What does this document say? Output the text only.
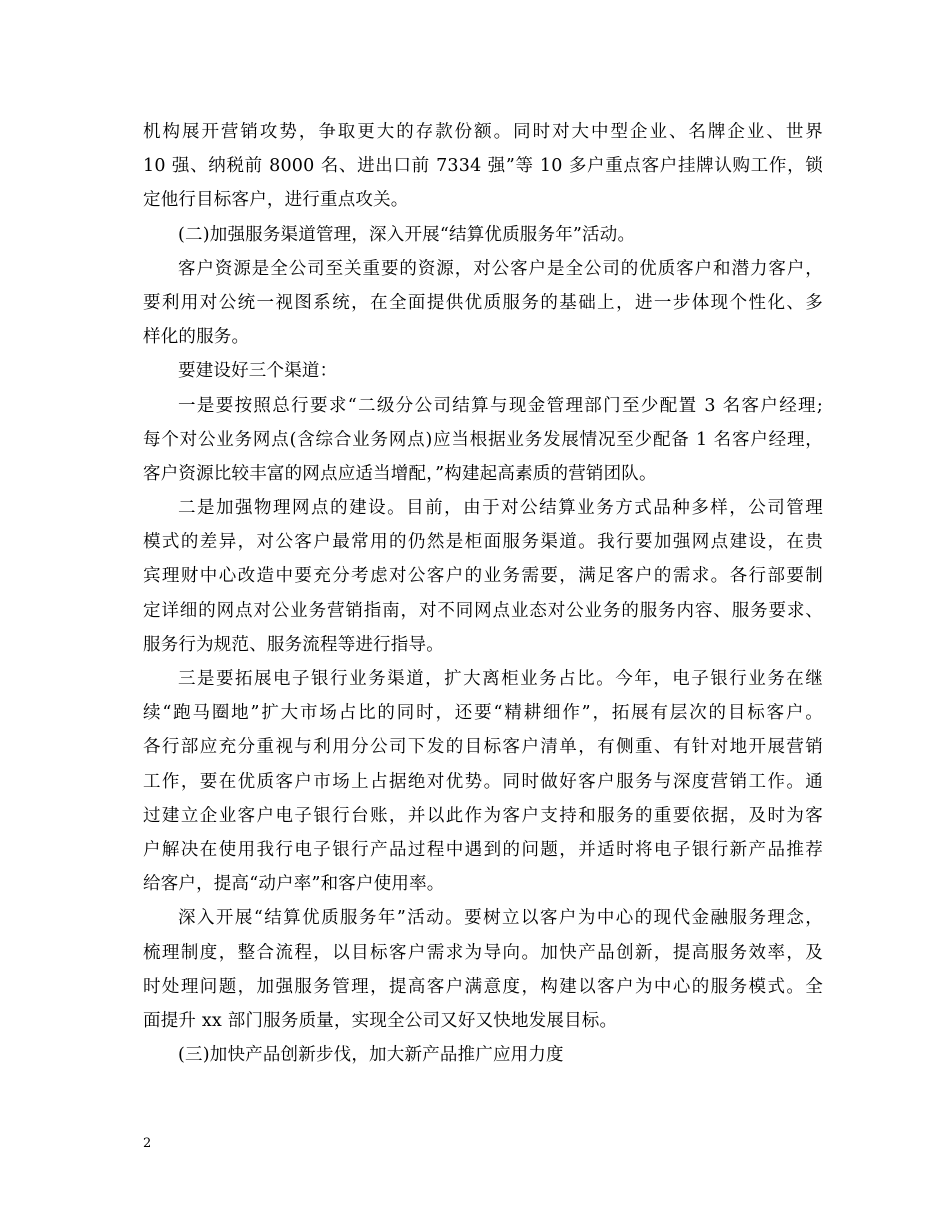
机构展开营销攻势，争取更大的存款份额。同时对大中型企业、名牌企业、世界
10 强、纳税前 8000 名、进出口前 7334 强”等 10 多户重点客户挂牌认购工作，锁
定他行目标客户，进行重点攻关。
(二)加强服务渠道管理，深入开展“结算优质服务年”活动。
客户资源是全公司至关重要的资源，对公客户是全公司的优质客户和潜力客户，
要利用对公统一视图系统，在全面提供优质服务的基础上，进一步体现个性化、多
样化的服务。
要建设好三个渠道：
一是要按照总行要求“二级分公司结算与现金管理部门至少配置 3 名客户经理;
每个对公业务网点(含综合业务网点)应当根据业务发展情况至少配备 1 名客户经理，
客户资源比较丰富的网点应适当增配，”构建起高素质的营销团队。
二是加强物理网点的建设。目前，由于对公结算业务方式品种多样，公司管理
模式的差异，对公客户最常用的仍然是柜面服务渠道。我行要加强网点建设，在贵
宾理财中心改造中要充分考虑对公客户的业务需要，满足客户的需求。各行部要制
定详细的网点对公业务营销指南，对不同网点业态对公业务的服务内容、服务要求、
服务行为规范、服务流程等进行指导。
三是要拓展电子银行业务渠道，扩大离柜业务占比。今年，电子银行业务在继
续“跑马圈地”扩大市场占比的同时，还要“精耕细作”，拓展有层次的目标客户。
各行部应充分重视与利用分公司下发的目标客户清单，有侧重、有针对地开展营销
工作，要在优质客户市场上占据绝对优势。同时做好客户服务与深度营销工作。通
过建立企业客户电子银行台账，并以此作为客户支持和服务的重要依据，及时为客
户解决在使用我行电子银行产品过程中遇到的问题，并适时将电子银行新产品推荐
给客户，提高“动户率”和客户使用率。
深入开展“结算优质服务年”活动。要树立以客户为中心的现代金融服务理念，
梳理制度，整合流程，以目标客户需求为导向。加快产品创新，提高服务效率，及
时处理问题，加强服务管理，提高客户满意度，构建以客户为中心的服务模式。全
面提升 xx 部门服务质量，实现全公司又好又快地发展目标。
(三)加快产品创新步伐，加大新产品推广应用力度
2
